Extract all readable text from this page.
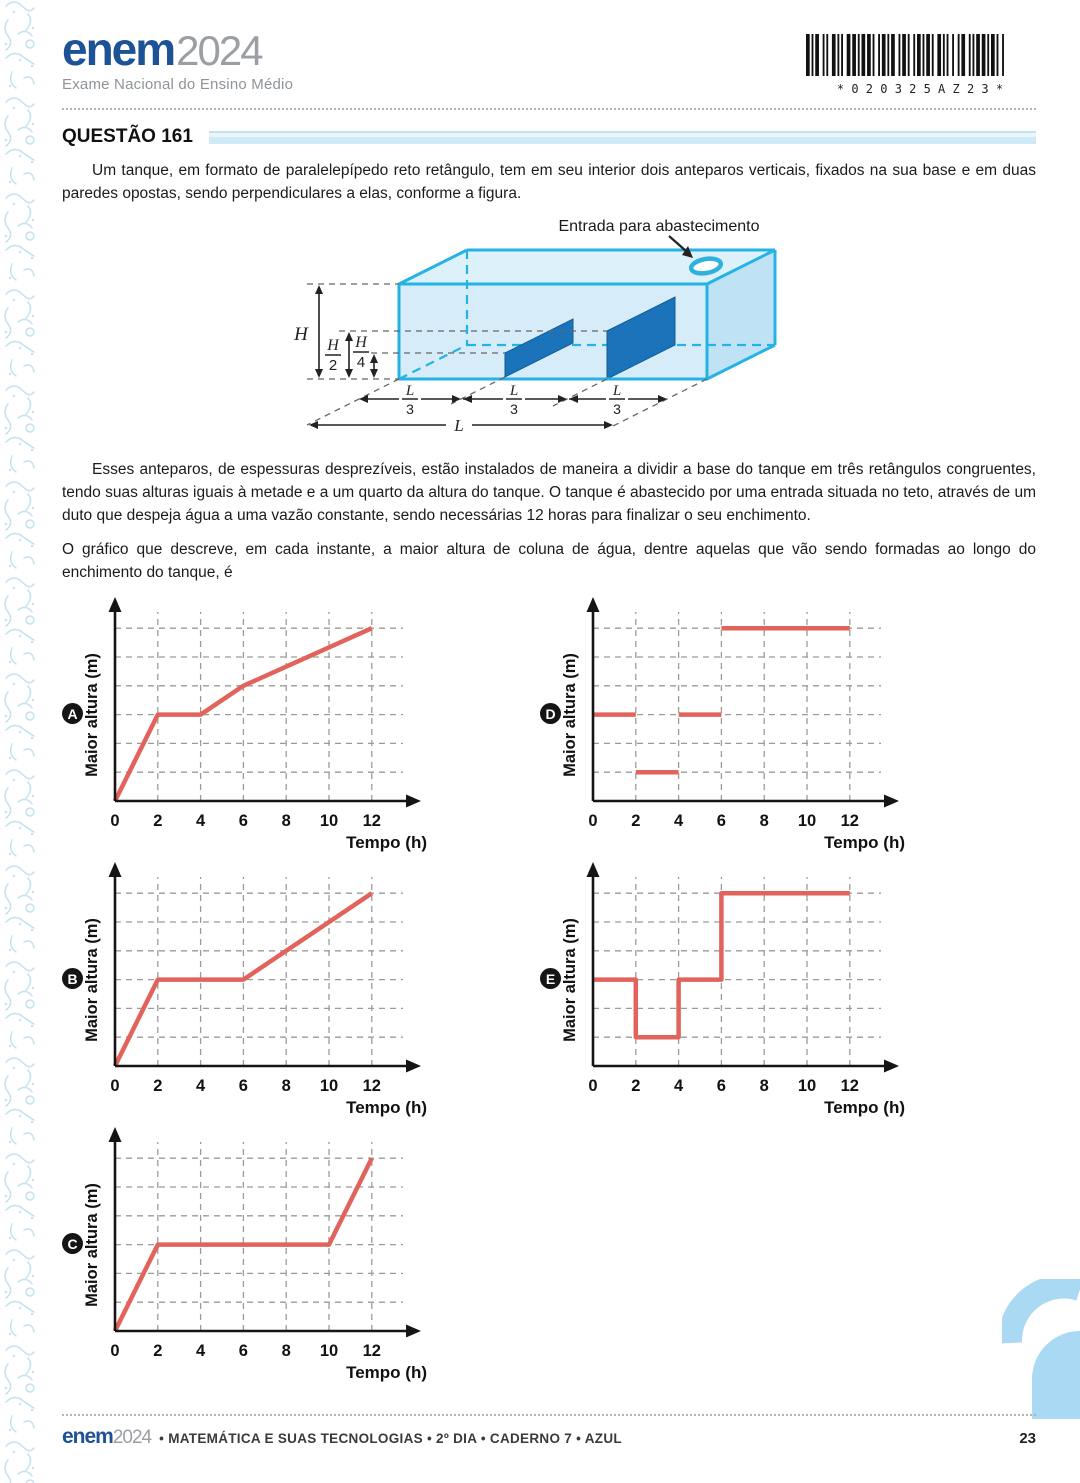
enem2024
Exame Nacional do Ensino Médio	* 0 2 0 3 2 5 A Z 2 3 *
QUESTÃO 161

Um tanque, em formato de paralelepípedo reto retângulo, tem em seu interior dois anteparos verticais, fixados na sua base e em duas paredes opostas, sendo perpendiculares a elas, conforme a figura.

Entrada para abastecimento
H
H
2
H
4
L
3
L
3
L
3
L

Esses anteparos, de espessuras desprezíveis, estão instalados de maneira a dividir a base do tanque em três retângulos congruentes, tendo suas alturas iguais à metade e a um quarto da altura do tanque. O tanque é abastecido por uma entrada situada no teto, através de um duto que despeja água a uma vazão constante, sendo necessárias 12 horas para finalizar o seu enchimento.

O gráfico que descreve, em cada instante, a maior altura de coluna de água, dentre aquelas que vão sendo formadas ao longo do enchimento do tanque, é

A
0 2 4 6 8 10 12
Tempo (h)
Maior altura (m)	D
0 2 4 6 8 10 12
Tempo (h)
Maior altura (m)
B
0 2 4 6 8 10 12
Tempo (h)
Maior altura (m)	E
0 2 4 6 8 10 12
Tempo (h)
Maior altura (m)
C
0 2 4 6 8 10 12
Tempo (h)
Maior altura (m)
enem 2024 • MATEMÁTICA E SUAS TECNOLOGIAS • 2º DIA • CADERNO 7 • AZUL	23
